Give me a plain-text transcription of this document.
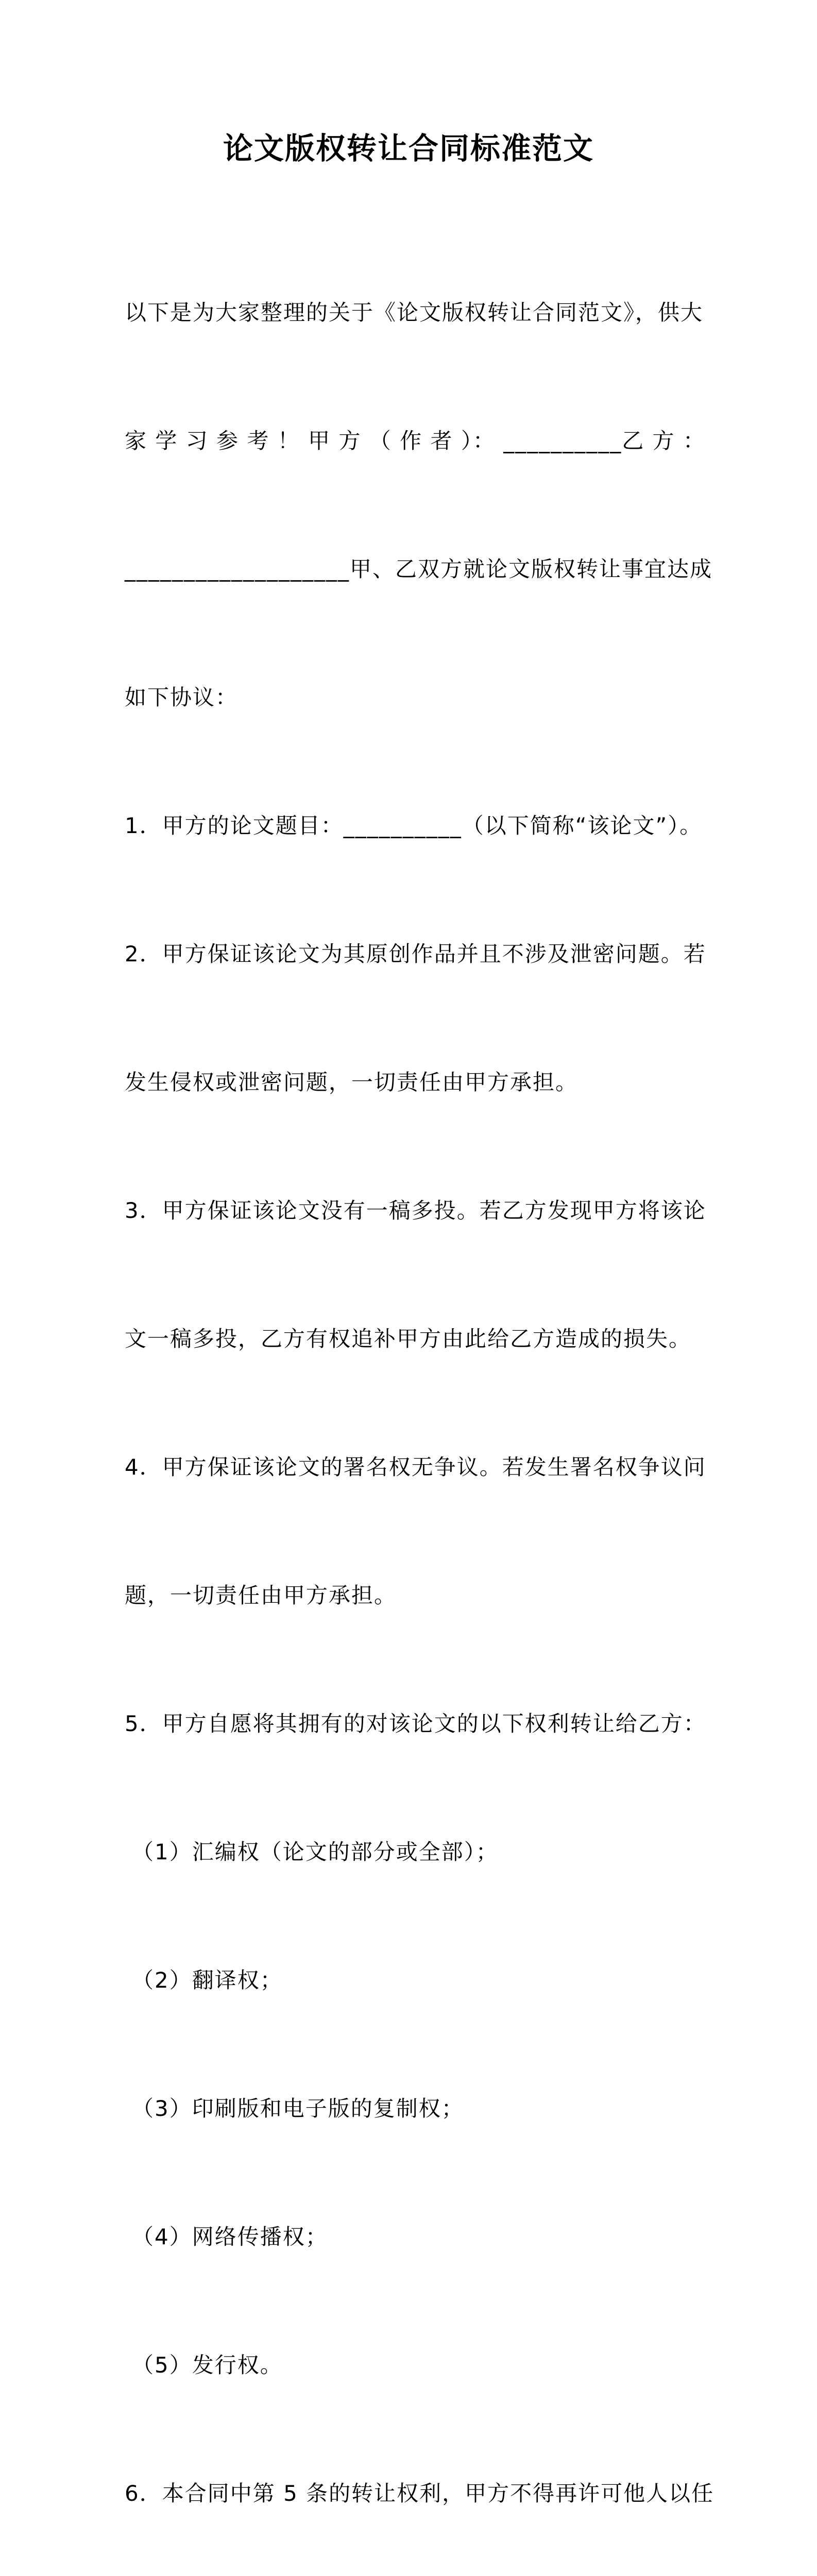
论文版权转让合同标准范文

以下是为大家整理的关于《论文版权转让合同范文》，供大

家 学 习 参 考 ！ 甲 方 （ 作 者 ）： __________乙 方 ：

___________________甲、乙双方就论文版权转让事宜达成

如下协议：

1．甲方的论文题目：__________（以下简称“该论文”）。

2．甲方保证该论文为其原创作品并且不涉及泄密问题。若

发生侵权或泄密问题，一切责任由甲方承担。

3．甲方保证该论文没有一稿多投。若乙方发现甲方将该论

文一稿多投，乙方有权追补甲方由此给乙方造成的损失。

4．甲方保证该论文的署名权无争议。若发生署名权争议问

题，一切责任由甲方承担。

5．甲方自愿将其拥有的对该论文的以下权利转让给乙方：

（1）汇编权（论文的部分或全部）；

（2）翻译权；

（3）印刷版和电子版的复制权；

（4）网络传播权；

（5）发行权。

6．本合同中第 5 条的转让权利，甲方不得再许可他人以任
